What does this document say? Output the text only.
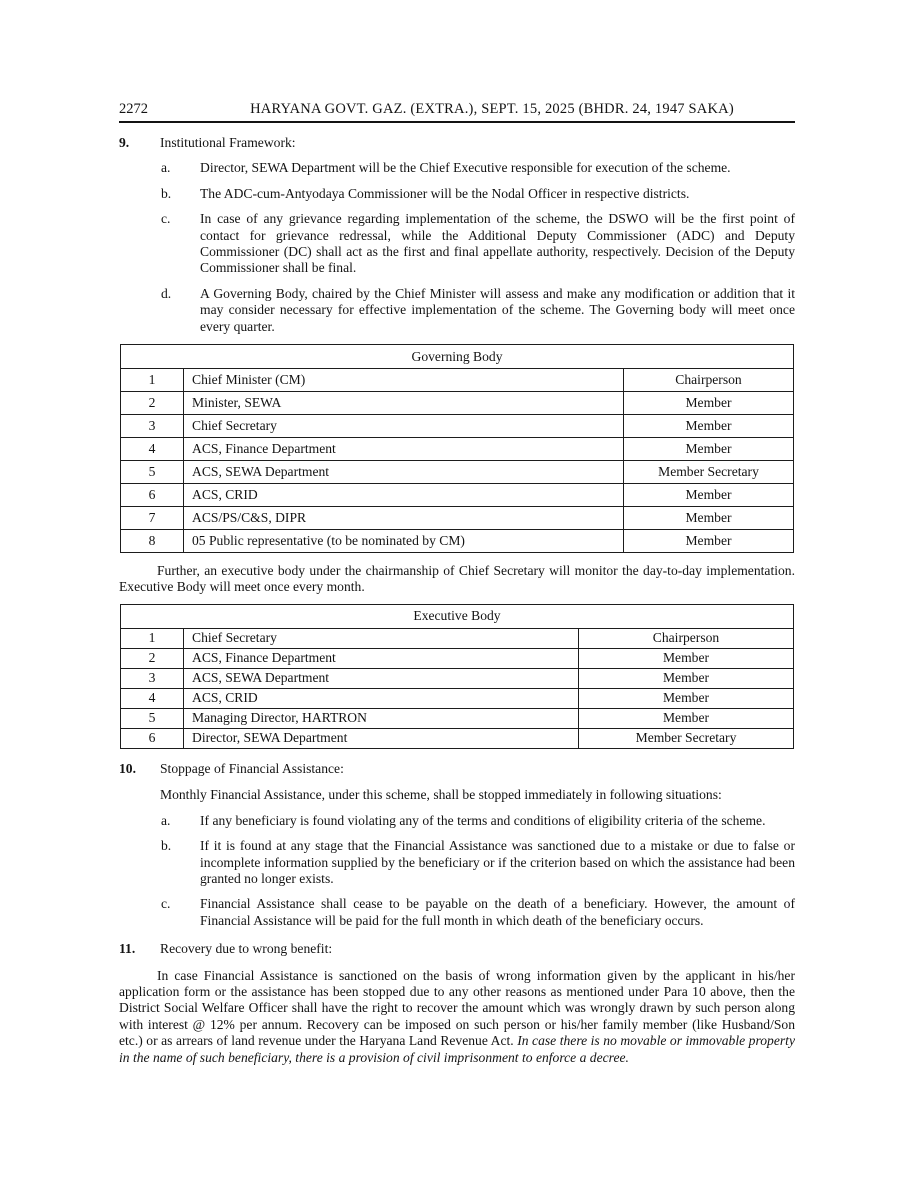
2272	HARYANA GOVT. GAZ. (EXTRA.), SEPT. 15, 2025 (BHDR. 24, 1947 SAKA)
9.	Institutional Framework:
a.	Director, SEWA Department will be the Chief Executive responsible for execution of the scheme.
b.	The ADC-cum-Antyodaya Commissioner will be the Nodal Officer in respective districts.
c.	In case of any grievance regarding implementation of the scheme, the DSWO will be the first point of contact for grievance redressal, while the Additional Deputy Commissioner (ADC) and Deputy Commissioner (DC) shall act as the first and final appellate authority, respectively. Decision of the Deputy Commissioner shall be final.
d.	A Governing Body, chaired by the Chief Minister will assess and make any modification or addition that it may consider necessary for effective implementation of the scheme. The Governing body will meet once every quarter.
Governing Body		
1	Chief Minister (CM)	Chairperson
2	Minister, SEWA	Member
3	Chief Secretary	Member
4	ACS, Finance Department	Member
5	ACS, SEWA Department	Member Secretary
6	ACS, CRID	Member
7	ACS/PS/C&S, DIPR	Member
8	05 Public representative (to be nominated by CM)	Member

Further, an executive body under the chairmanship of Chief Secretary will monitor the day-to-day implementation. Executive Body will meet once every month.

Executive Body		
1	Chief Secretary	Chairperson
2	ACS, Finance Department	Member
3	ACS, SEWA Department	Member
4	ACS, CRID	Member
5	Managing Director, HARTRON	Member
6	Director, SEWA Department	Member Secretary
10.	Stoppage of Financial Assistance:
Monthly Financial Assistance, under this scheme, shall be stopped immediately in following situations:
a.	If any beneficiary is found violating any of the terms and conditions of eligibility criteria of the scheme.
b.	If it is found at any stage that the Financial Assistance was sanctioned due to a mistake or due to false or incomplete information supplied by the beneficiary or if the criterion based on which the assistance had been granted no longer exists.
c.	Financial Assistance shall cease to be payable on the death of a beneficiary. However, the amount of Financial Assistance will be paid for the full month in which death of the beneficiary occurs.
11.	Recovery due to wrong benefit:

In case Financial Assistance is sanctioned on the basis of wrong information given by the applicant in his/her application form or the assistance has been stopped due to any other reasons as mentioned under Para 10 above, then the District Social Welfare Officer shall have the right to recover the amount which was wrongly drawn by such person along with interest @ 12% per annum. Recovery can be imposed on such person or his/her family member (like Husband/Son etc.) or as arrears of land revenue under the Haryana Land Revenue Act. In case there is no movable or immovable property in the name of such beneficiary, there is a provision of civil imprisonment to enforce a decree.
